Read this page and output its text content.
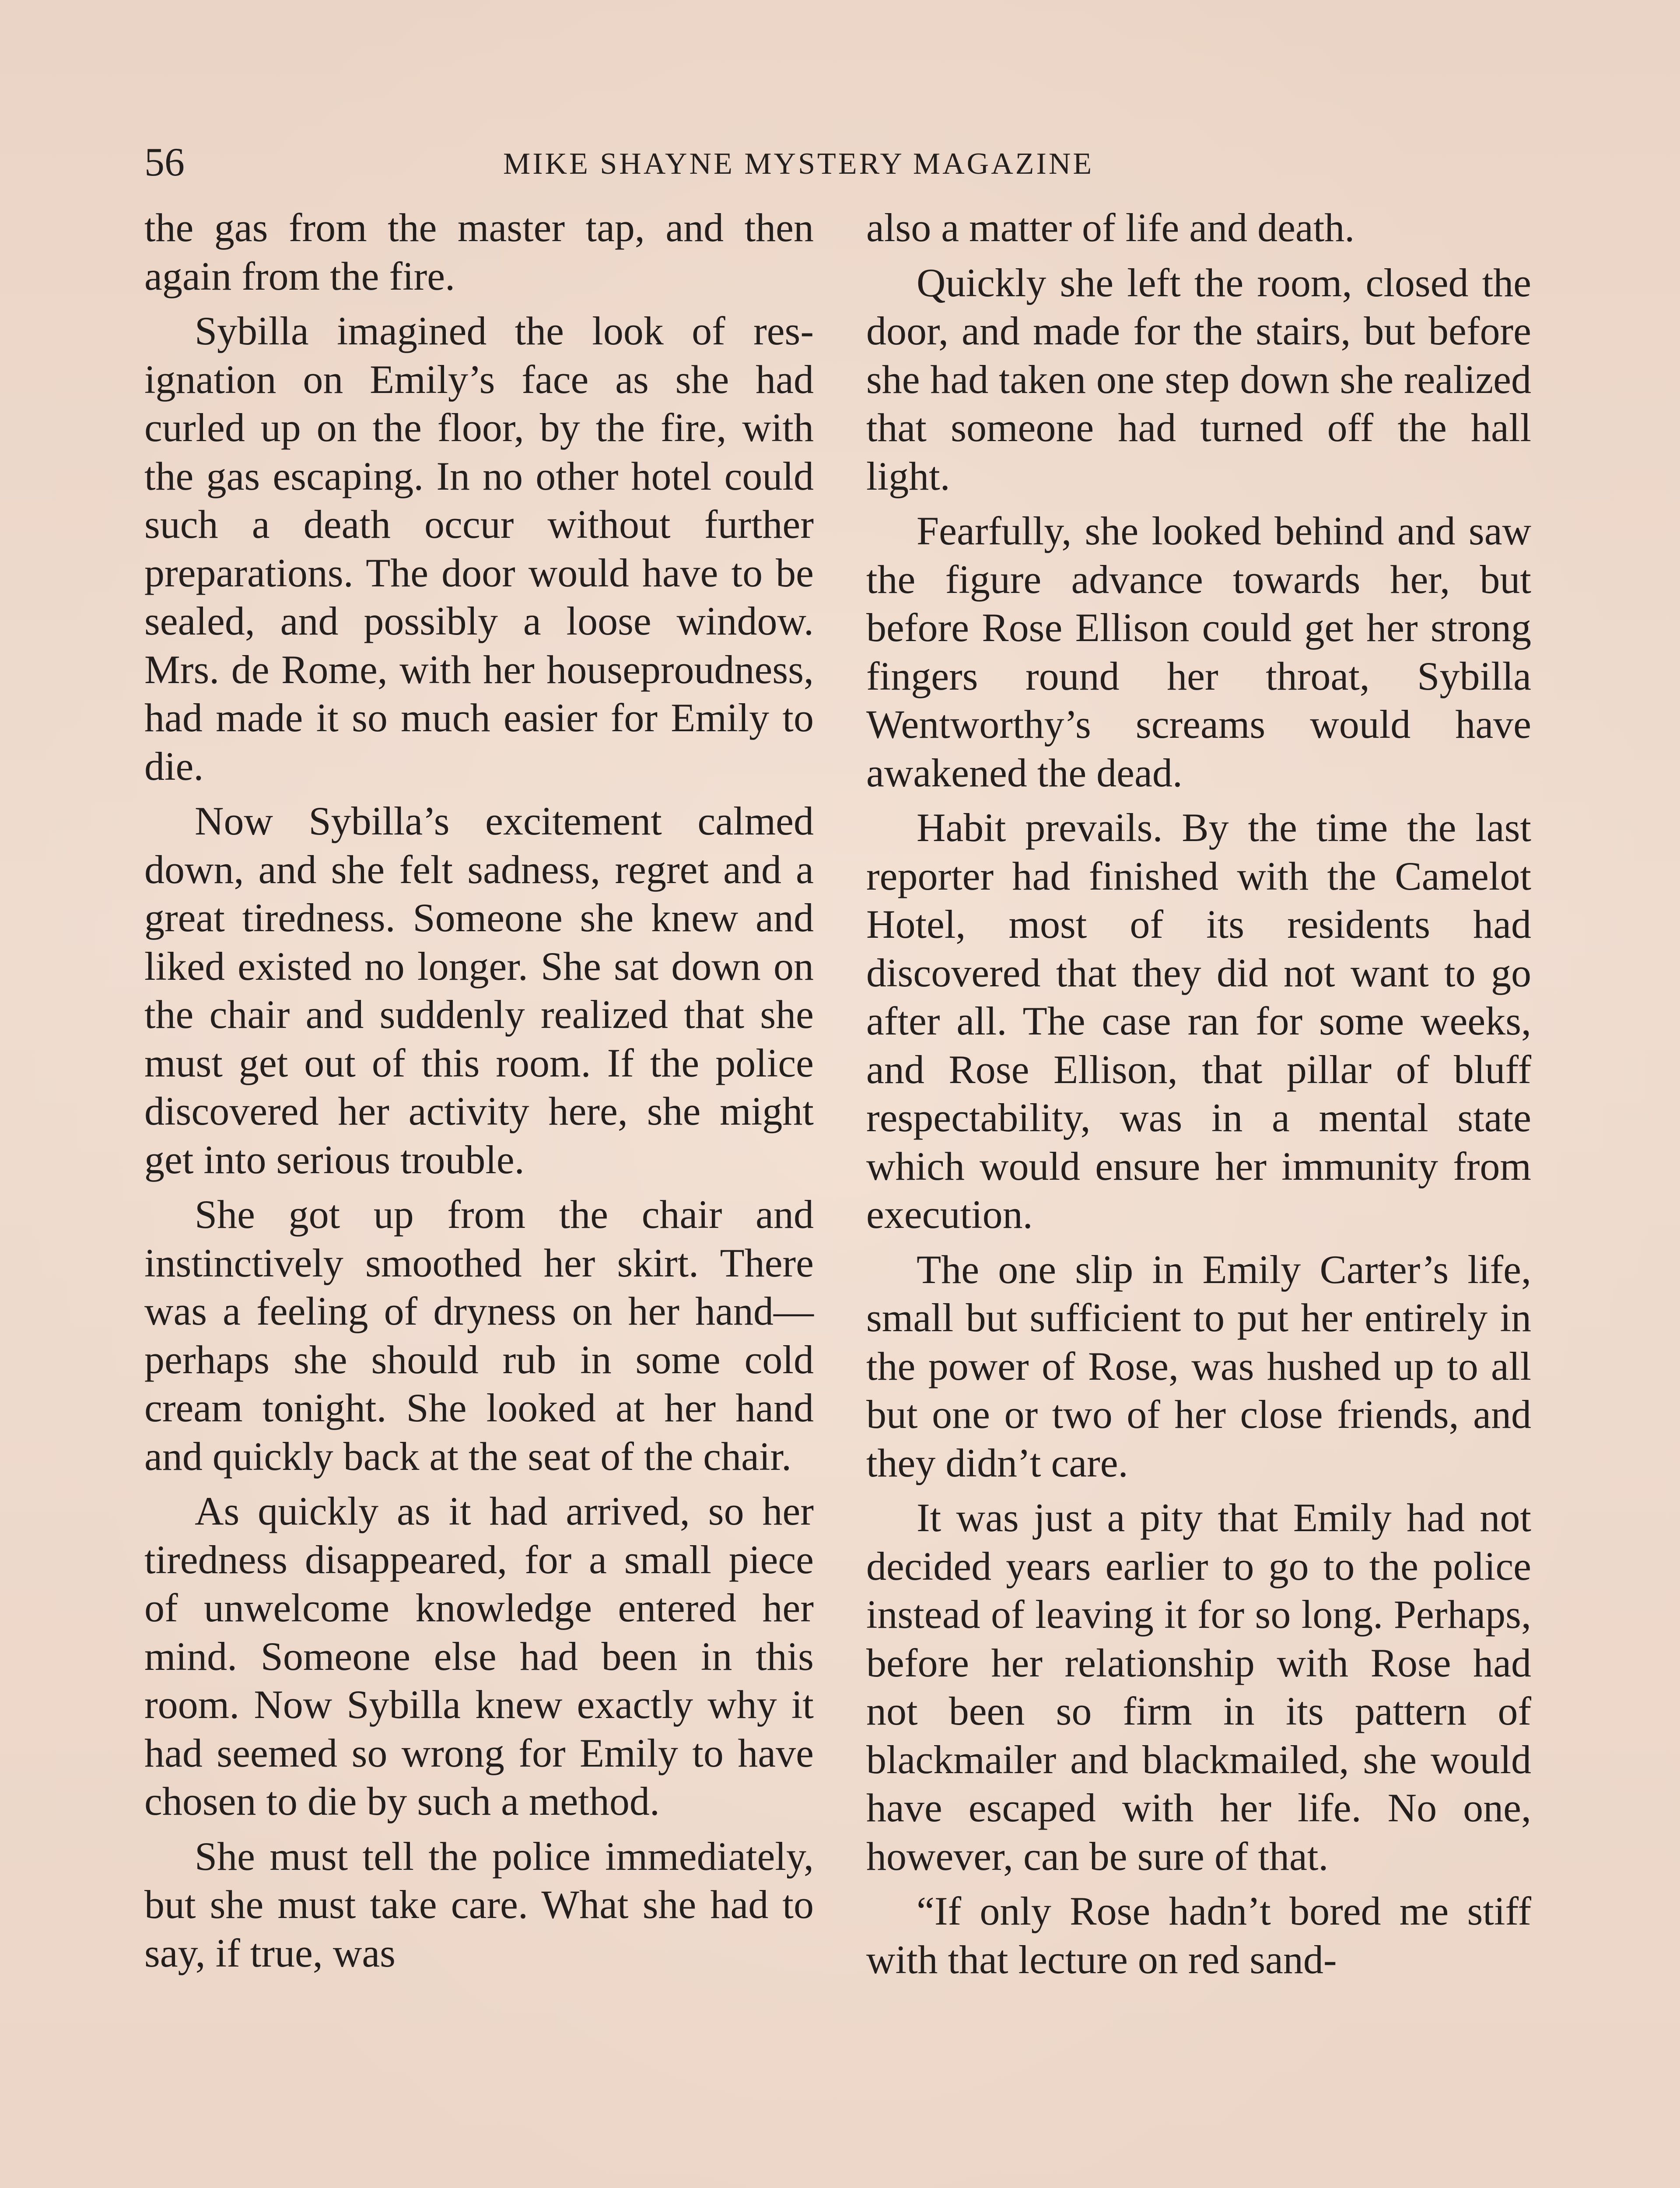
56	MIKE SHAYNE MYSTERY MAGAZINE

the gas from the master tap, and then again from the fire.

Sybilla imagined the look of resignation on Emily’s face as she had curled up on the floor, by the fire, with the gas escaping. In no other hotel could such a death occur without further preparations. The door would have to be sealed, and possibly a loose window. Mrs. de Rome, with her houseproudness, had made it so much easier for Emily to die.

Now Sybilla’s excitement calmed down, and she felt sadness, regret and a great tiredness. Someone she knew and liked existed no longer. She sat down on the chair and suddenly realized that she must get out of this room. If the police discovered her activity here, she might get into serious trouble.

She got up from the chair and instinctively smoothed her skirt. There was a feeling of dryness on her hand—perhaps she should rub in some cold cream tonight. She looked at her hand and quickly back at the seat of the chair.

As quickly as it had arrived, so her tiredness disappeared, for a small piece of unwelcome knowledge entered her mind. Someone else had been in this room. Now Sybilla knew exactly why it had seemed so wrong for Emily to have chosen to die by such a method.

She must tell the police immediately, but she must take care. What she had to say, if true, was

also a matter of life and death.

Quickly she left the room, closed the door, and made for the stairs, but before she had taken one step down she realized that someone had turned off the hall light.

Fearfully, she looked behind and saw the figure advance towards her, but before Rose Ellison could get her strong fingers round her throat, Sybilla Wentworthy’s screams would have awakened the dead.

Habit prevails. By the time the last reporter had finished with the Camelot Hotel, most of its residents had discovered that they did not want to go after all. The case ran for some weeks, and Rose Ellison, that pillar of bluff respectability, was in a mental state which would ensure her immunity from execution.

The one slip in Emily Carter’s life, small but sufficient to put her entirely in the power of Rose, was hushed up to all but one or two of her close friends, and they didn’t care.

It was just a pity that Emily had not decided years earlier to go to the police instead of leaving it for so long. Perhaps, before her relationship with Rose had not been so firm in its pattern of blackmailer and blackmailed, she would have escaped with her life. No one, however, can be sure of that.

“If only Rose hadn’t bored me stiff with that lecture on red sand-
